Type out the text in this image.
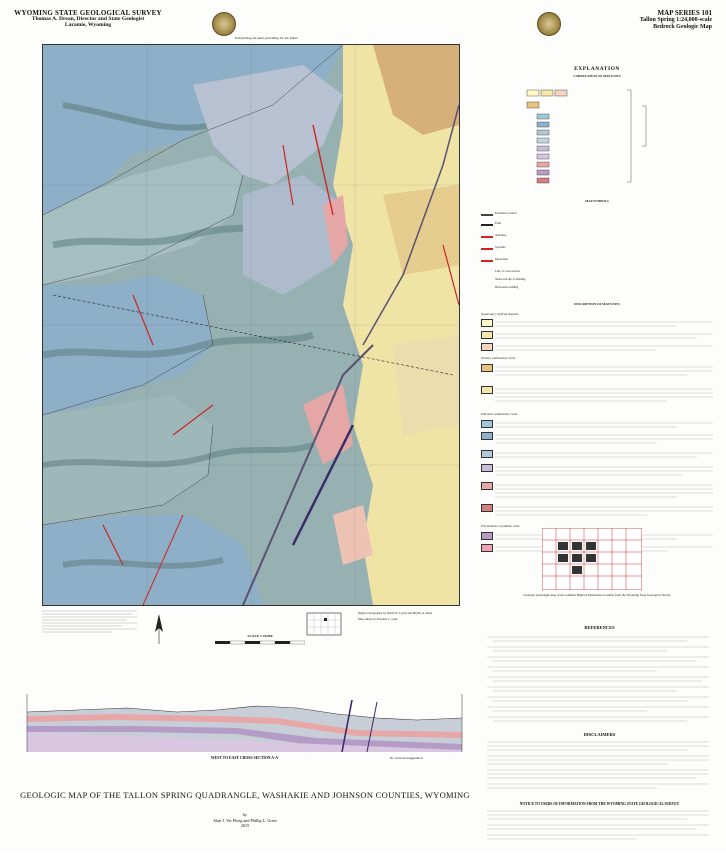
WYOMING STATE GEOLOGICAL SURVEY
Thomas A. Drean, Director and State Geologist
Laramie, Wyoming
Interpreting the past, providing for the future
MAP SERIES 101
Tallon Spring 1:24,000-scale
Bedrock Geologic Map
EXPLANATION
CORRELATION OF MAP UNITS
MAP SYMBOLS
Formation contact
Fault
Anticline
Syncline
Monocline
Line of cross section
Strike and dip of bedding
Horizontal bedding
DESCRIPTION OF MAP UNITS
Quaternary surficial deposits
Tertiary sedimentary rocks
Paleozoic sedimentary rocks
Precambrian crystalline rocks
Geologic quadrangle map of the southern Bighorn Mountains available from the Wyoming State Geological Survey
SCALE 1:24,000
Digital cartography by Robin W. Lyons and Phyllis A. Ranz
Map edited by Suzanne C. Luhr
WEST TO EAST CROSS SECTION A-A'	No vertical exaggeration
GEOLOGIC MAP OF THE TALLON SPRING QUADRANGLE, WASHAKIE AND JOHNSON COUNTIES, WYOMING
by
Alan J. Ver Ploeg and Phillip L. Greer
2015
REFERENCES
DISCLAIMERS
NOTICE TO USERS OF INFORMATION FROM THE WYOMING STATE GEOLOGICAL SURVEY
